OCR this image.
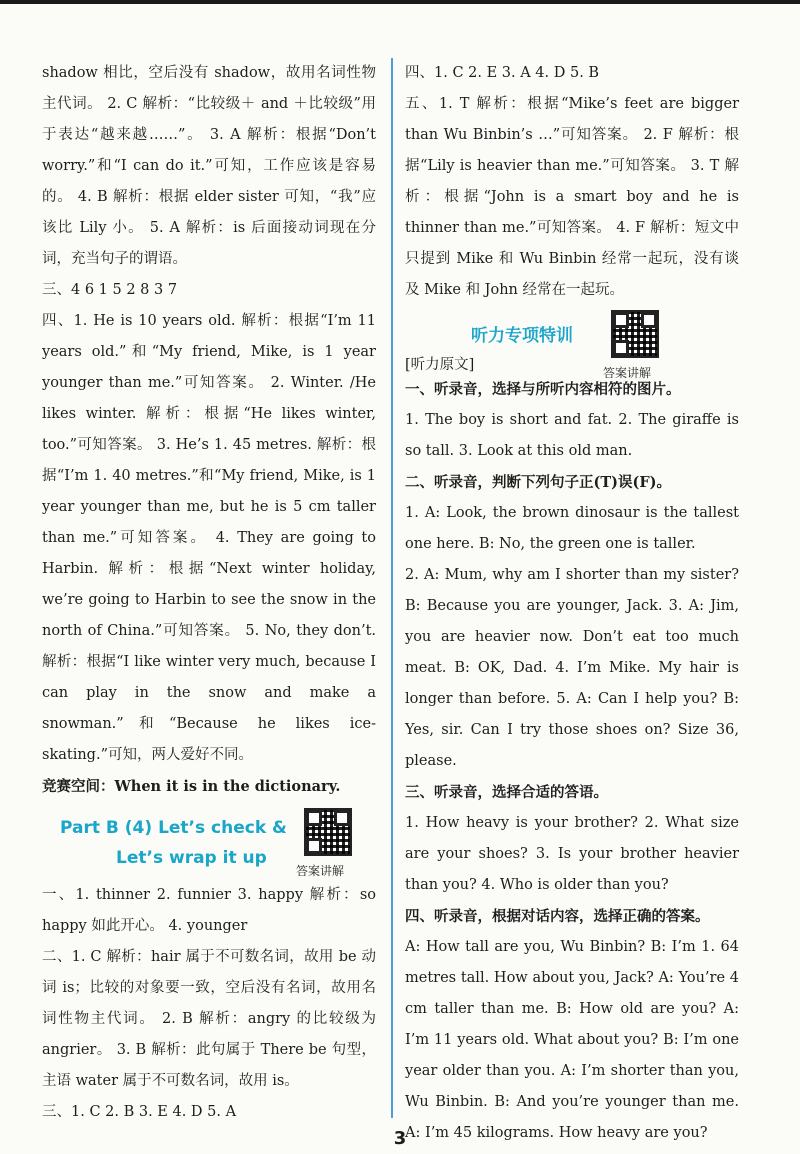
shadow 相比，空后没有 shadow，故用名词性物主代词。 2. C 解析：“比较级＋ and ＋比较级”用于表达“越来越……”。 3. A 解析：根据“Don’t worry.”和“I can do it.”可知，工作应该是容易的。 4. B 解析：根据 elder sister 可知，“我”应该比 Lily 小。 5. A 解析：is 后面接动词现在分词，充当句子的谓语。

三、4 6 1 5 2 8 3 7

四、1. He is 10 years old. 解析：根据“I’m 11 years old.”和“My friend, Mike, is 1 year younger than me.”可知答案。 2. Winter. /He likes winter. 解析：根据“He likes winter, too.”可知答案。 3. He’s 1. 45 metres. 解析：根据“I’m 1. 40 metres.”和“My friend, Mike, is 1 year younger than me, but he is 5 cm taller than me.”可知答案。 4. They are going to Harbin. 解析：根据“Next winter holiday, we’re going to Harbin to see the snow in the north of China.”可知答案。 5. No, they don’t. 解析：根据“I like winter very much, because I can play in the snow and make a snowman.”和“Because he likes ice-skating.”可知，两人爱好不同。

竞赛空间：When it is in the dictionary.

Part B (4) Let’s check &
Let’s wrap it up
答案讲解

一、1. thinner 2. funnier 3. happy 解析：so happy 如此开心。 4. younger

二、1. C 解析：hair 属于不可数名词，故用 be 动词 is；比较的对象要一致，空后没有名词，故用名词性物主代词。 2. B 解析：angry 的比较级为 angrier。 3. B 解析：此句属于 There be 句型，主语 water 属于不可数名词，故用 is。

三、1. C 2. B 3. E 4. D 5. A

四、1. C 2. E 3. A 4. D 5. B

五、1. T 解析：根据“Mike’s feet are bigger than Wu Binbin’s …”可知答案。 2. F 解析：根据“Lily is heavier than me.”可知答案。 3. T 解析：根据“John is a smart boy and he is thinner than me.”可知答案。 4. F 解析：短文中只提到 Mike 和 Wu Binbin 经常一起玩，没有谈及 Mike 和 John 经常在一起玩。

听力专项特训
答案讲解
[听力原文]

一、听录音，选择与所听内容相符的图片。

1. The boy is short and fat. 2. The giraffe is so tall. 3. Look at this old man.

二、听录音，判断下列句子正(T)误(F)。

1. A: Look, the brown dinosaur is the tallest one here. B: No, the green one is taller.

2. A: Mum, why am I shorter than my sister? B: Because you are younger, Jack. 3. A: Jim, you are heavier now. Don’t eat too much meat. B: OK, Dad. 4. I’m Mike. My hair is longer than before. 5. A: Can I help you? B: Yes, sir. Can I try those shoes on? Size 36, please.

三、听录音，选择合适的答语。

1. How heavy is your brother? 2. What size are your shoes? 3. Is your brother heavier than you? 4. Who is older than you?

四、听录音，根据对话内容，选择正确的答案。

A: How tall are you, Wu Binbin? B: I’m 1. 64 metres tall. How about you, Jack? A: You’re 4 cm taller than me. B: How old are you? A: I’m 11 years old. What about you? B: I’m one year older than you. A: I’m shorter than you, Wu Binbin. B: And you’re younger than me. A: I’m 45 kilograms. How heavy are you?

3
